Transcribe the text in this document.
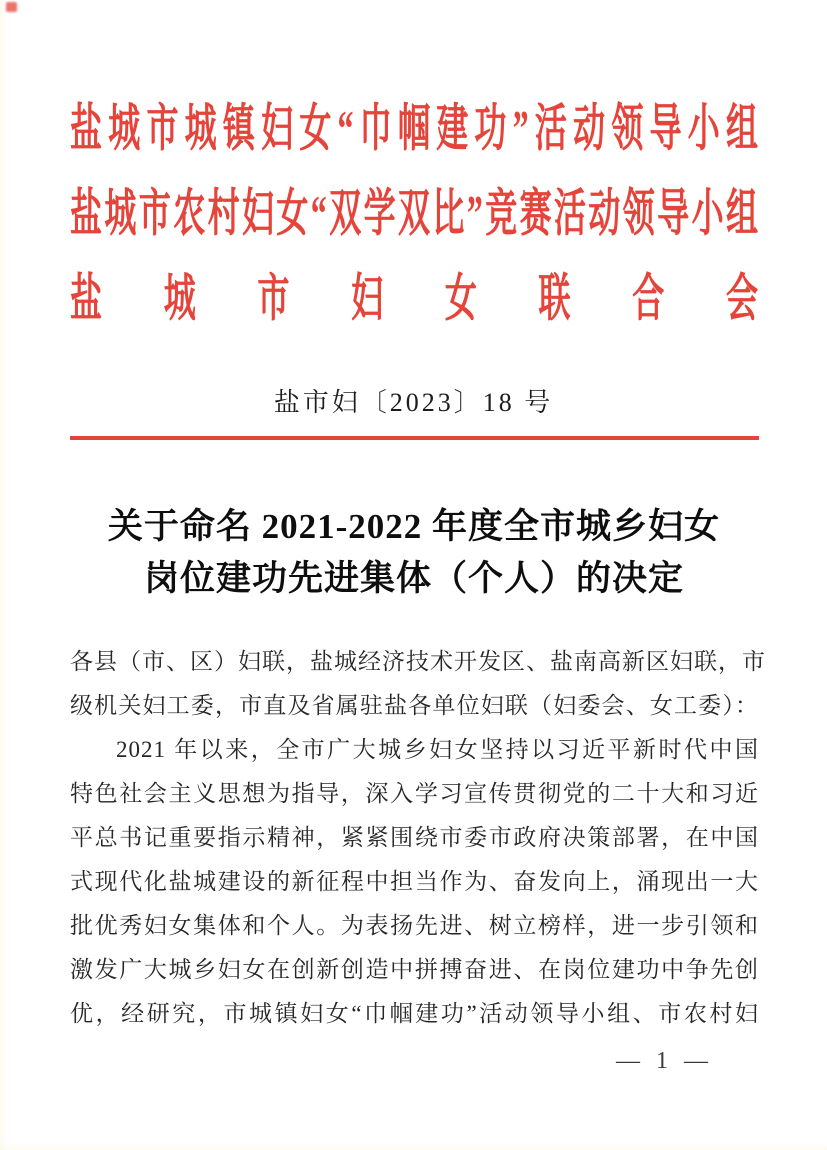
盐城市城镇妇女“巾帼建功”活动领导小组
盐城市农村妇女“双学双比”竞赛活动领导小组
盐城市妇女联合会
盐市妇〔2023〕18 号
关于命名 2021-2022 年度全市城乡妇女
岗位建功先进集体（个人）的决定
各县（市、区）妇联，盐城经济技术开发区、盐南高新区妇联，市
级机关妇工委，市直及省属驻盐各单位妇联（妇委会、女工委）：
2021 年以来，全市广大城乡妇女坚持以习近平新时代中国
特色社会主义思想为指导，深入学习宣传贯彻党的二十大和习近
平总书记重要指示精神，紧紧围绕市委市政府决策部署，在中国
式现代化盐城建设的新征程中担当作为、奋发向上，涌现出一大
批优秀妇女集体和个人。为表扬先进、树立榜样，进一步引领和
激发广大城乡妇女在创新创造中拼搏奋进、在岗位建功中争先创
优，经研究，市城镇妇女“巾帼建功”活动领导小组、市农村妇
— 1 —
